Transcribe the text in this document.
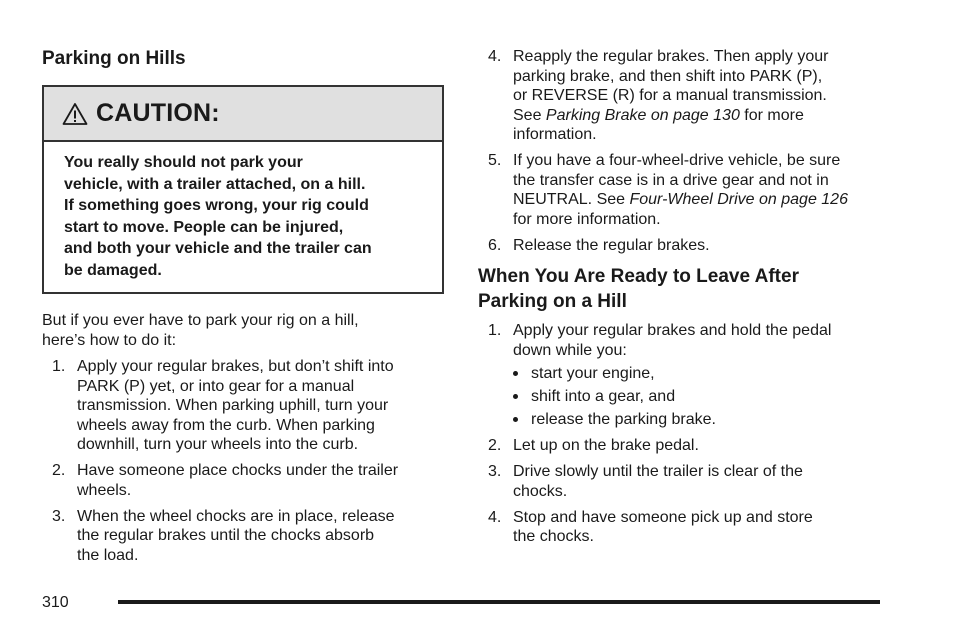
Parking on Hills
CAUTION:
You really should not park your
vehicle, with a trailer attached, on a hill.
If something goes wrong, your rig could
start to move. People can be injured,
and both your vehicle and the trailer can
be damaged.
But if you ever have to park your rig on a hill,
here’s how to do it:
1. Apply your regular brakes, but don’t shift into
PARK (P) yet, or into gear for a manual
transmission. When parking uphill, turn your
wheels away from the curb. When parking
downhill, turn your wheels into the curb.
2. Have someone place chocks under the trailer
wheels.
3. When the wheel chocks are in place, release
the regular brakes until the chocks absorb
the load.
4. Reapply the regular brakes. Then apply your
parking brake, and then shift into PARK (P),
or REVERSE (R) for a manual transmission.
See Parking Brake on page 130 for more
information.
5. If you have a four-wheel-drive vehicle, be sure
the transfer case is in a drive gear and not in
NEUTRAL. See Four-Wheel Drive on page 126
for more information.
6. Release the regular brakes.
When You Are Ready to Leave After
Parking on a Hill
1. Apply your regular brakes and hold the pedal
down while you:
start your engine,
shift into a gear, and
release the parking brake.
2. Let up on the brake pedal.
3. Drive slowly until the trailer is clear of the
chocks.
4. Stop and have someone pick up and store
the chocks.
310
